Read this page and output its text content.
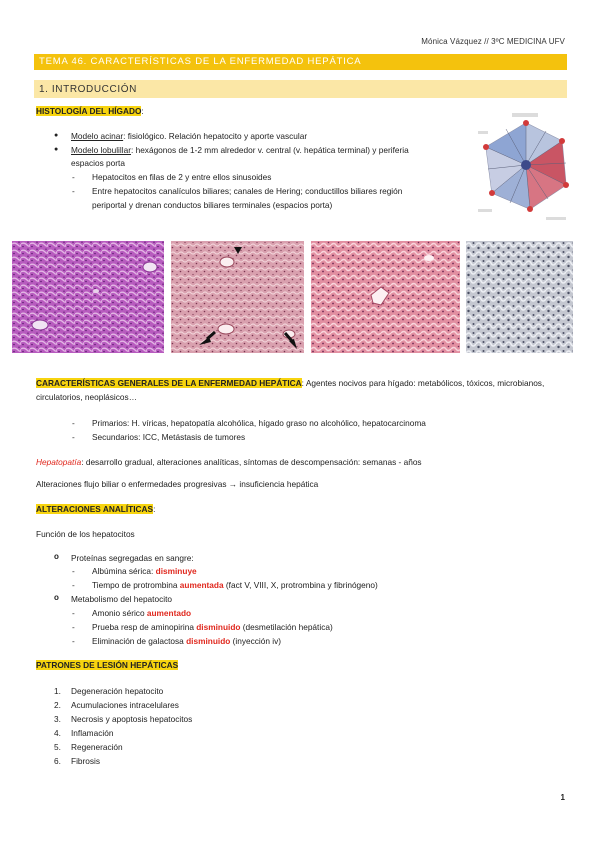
Mónica Vázquez // 3ºC MEDICINA UFV
TEMA 46. CARACTERÍSTICAS DE LA ENFERMEDAD HEPÁTICA
1. INTRODUCCIÓN
HISTOLOGÍA DEL HÍGADO:
● Modelo acinar: fisiológico. Relación hepatocito y aporte vascular
● Modelo lobulillar: hexágonos de 1-2 mm alrededor v. central (v. hepática terminal) y periferia
espacios porta
- Hepatocitos en filas de 2 y entre ellos sinusoides
- Entre hepatocitos canalículos biliares; canales de Hering; conductillos biliares región
periportal y drenan conductos biliares terminales (espacios porta)
CARACTERÍSTICAS GENERALES DE LA ENFERMEDAD HEPÁTICA: Agentes nocivos para hígado: metabólicos, tóxicos, microbianos,
circulatorios, neoplásicos…
- Primarios: H. víricas, hepatopatía alcohólica, hígado graso no alcohólico, hepatocarcinoma
- Secundarios: ICC, Metástasis de tumores
Hepatopatía: desarrollo gradual, alteraciones analíticas, síntomas de descompensación: semanas - años
Alteraciones flujo biliar o enfermedades progresivas → insuficiencia hepática
ALTERACIONES ANALÍTICAS:
Función de los hepatocitos
o Proteínas segregadas en sangre:
- Albúmina sérica: disminuye
- Tiempo de protrombina aumentada (fact V, VIII, X, protrombina y fibrinógeno)
o Metabolismo del hepatocito
- Amonio sérico aumentado
- Prueba resp de aminopirina disminuido (desmetilación hepática)
- Eliminación de galactosa disminuido (inyección iv)
PATRONES DE LESIÓN HEPÁTICAS
1. Degeneración hepatocito
2. Acumulaciones intracelulares
3. Necrosis y apoptosis hepatocitos
4. Inflamación
5. Regeneración
6. Fibrosis
1
